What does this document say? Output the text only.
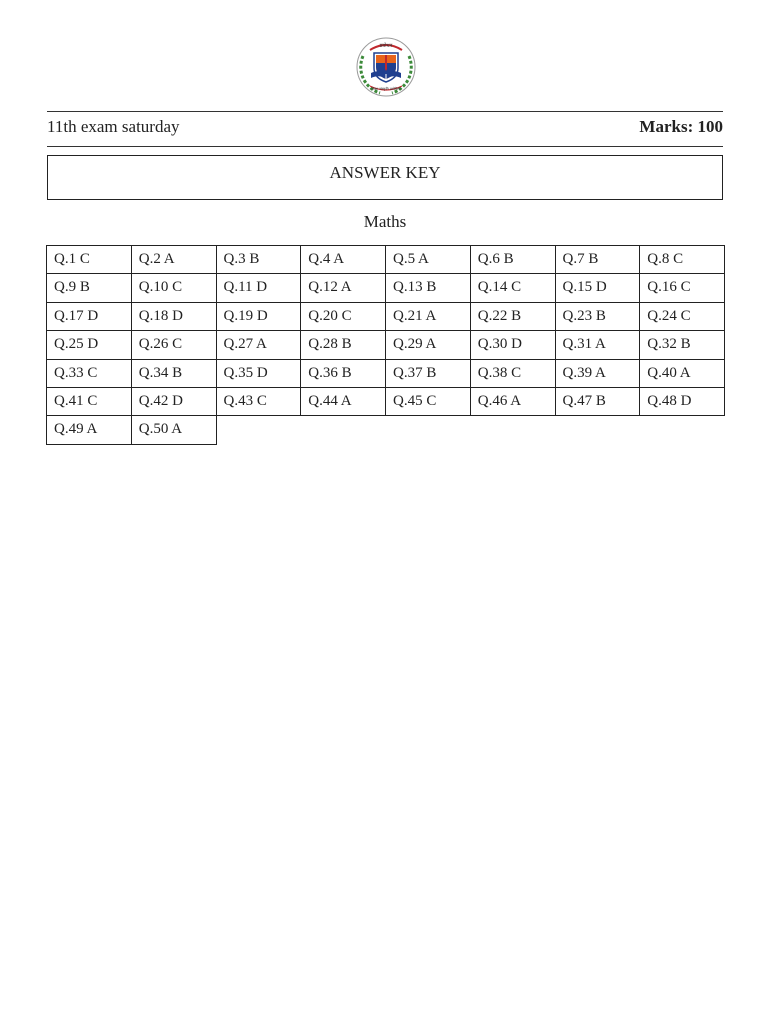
प्रबोधन
शिक्षा संस्कृति प्रबोधिनी
11th exam saturday	Marks: 100
ANSWER KEY
Maths
Q.1 C	Q.2 A	Q.3 B	Q.4 A	Q.5 A	Q.6 B	Q.7 B	Q.8 C
Q.9 B	Q.10 C	Q.11 D	Q.12 A	Q.13 B	Q.14 C	Q.15 D	Q.16 C
Q.17 D	Q.18 D	Q.19 D	Q.20 C	Q.21 A	Q.22 B	Q.23 B	Q.24 C
Q.25 D	Q.26 C	Q.27 A	Q.28 B	Q.29 A	Q.30 D	Q.31 A	Q.32 B
Q.33 C	Q.34 B	Q.35 D	Q.36 B	Q.37 B	Q.38 C	Q.39 A	Q.40 A
Q.41 C	Q.42 D	Q.43 C	Q.44 A	Q.45 C	Q.46 A	Q.47 B	Q.48 D
Q.49 A	Q.50 A
